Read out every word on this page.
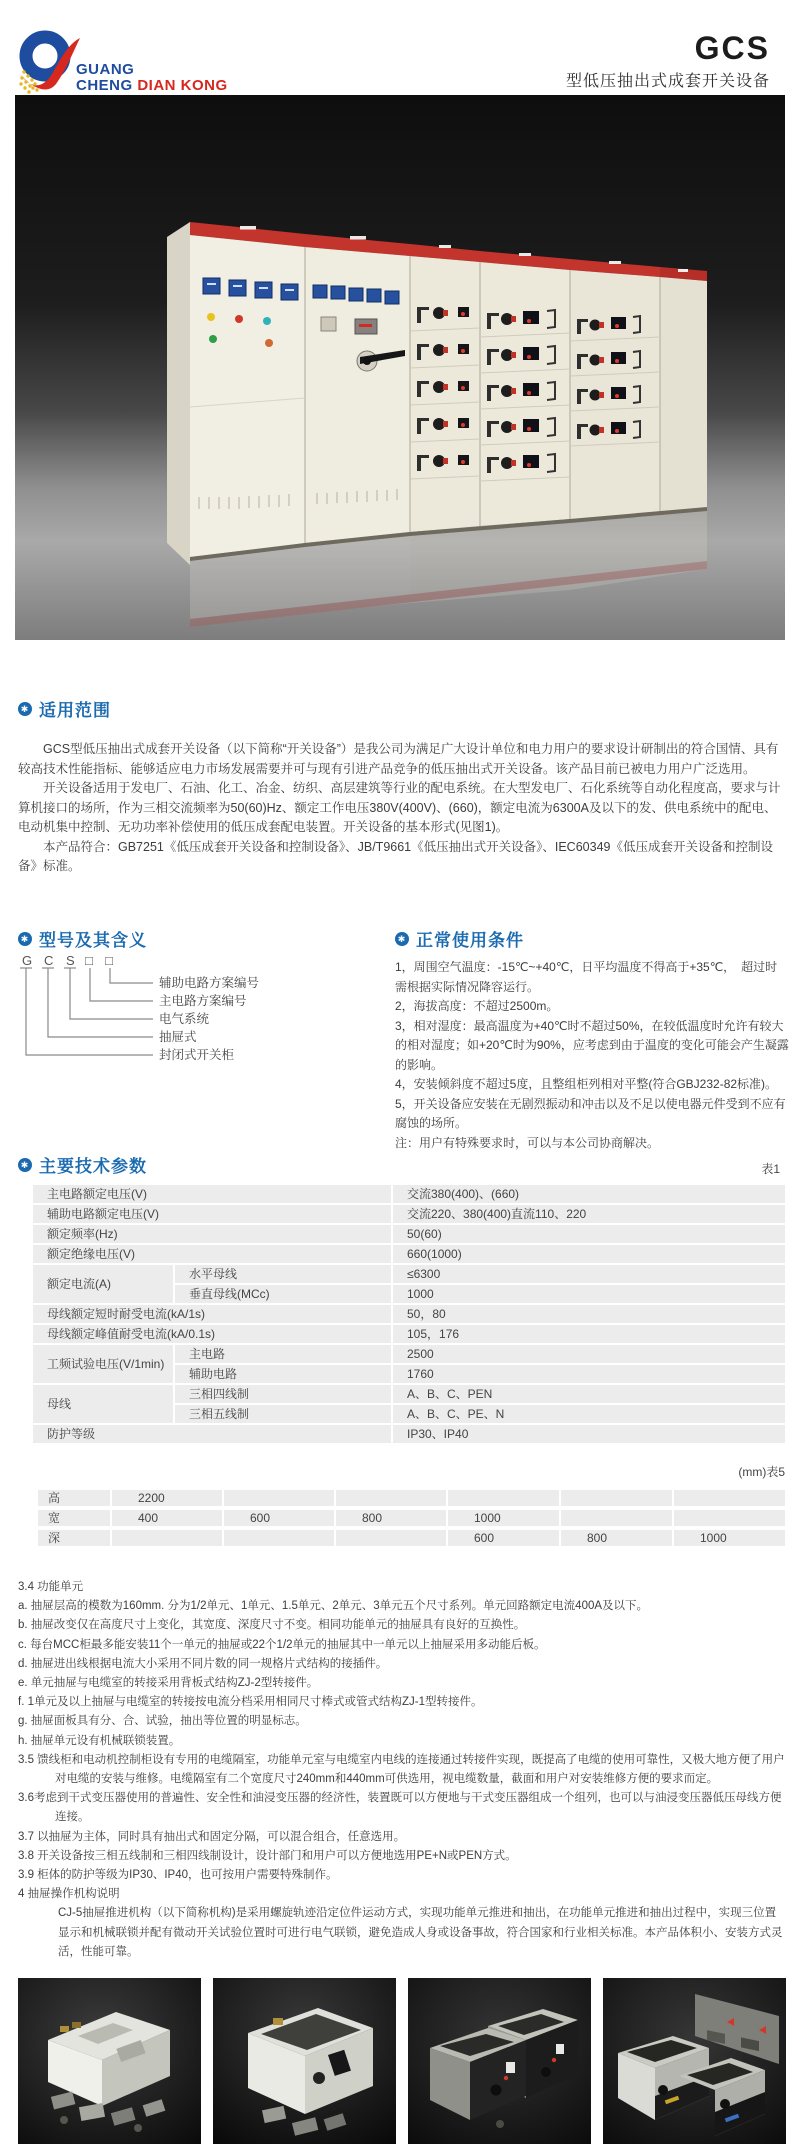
GUANG
CHENG DIAN KONG
GCS
型低压抽出式成套开关设备
✱ 适用范围

GCS型低压抽出式成套开关设备（以下简称“开关设备”）是我公司为满足广大设计单位和电力用户的要求设计研制出的符合国情、具有较高技术性能指标、能够适应电力市场发展需要并可与现有引进产品竞争的低压抽出式开关设备。该产品目前已被电力用户广泛选用。

开关设备适用于发电厂、石油、化工、冶金、纺织、高层建筑等行业的配电系统。在大型发电厂、石化系统等自动化程度高，要求与计算机接口的场所，作为三相交流频率为50(60)Hz、额定工作电压380V(400V)、(660)，额定电流为6300A及以下的发、供电系统中的配电、电动机集中控制、无功功率补偿使用的低压成套配电装置。开关设备的基本形式(见图1)。

本产品符合：GB7251《低压成套开关设备和控制设备》、JB/T9661《低压抽出式开关设备》、IEC60349《低压成套开关设备和控制设备》标准。

✱ 型号及其含义
G C S □ □
辅助电路方案编号
主电路方案编号
电气系统
抽屉式
封闭式开关柜
✱ 正常使用条件
1，周围空气温度：-15℃~+40℃，日平均温度不得高于+35℃，　超过时需根据实际情况降容运行。
2，海拔高度：不超过2500m。
3，相对湿度：最高温度为+40℃时不超过50%，在较低温度时允许有较大的相对湿度；如+20℃时为90%，应考虑到由于温度的变化可能会产生凝露的影响。
4，安装倾斜度不超过5度，且整组柜列相对平整(符合GBJ232-82标准)。
5，开关设备应安装在无剧烈振动和冲击以及不足以使电器元件受到不应有腐蚀的场所。
注：用户有特殊要求时，可以与本公司协商解决。
✱ 主要技术参数	表1
主电路额定电压(V)		交流380(400)、(660)
辅助电路额定电压(V)		交流220、380(400)直流110、220
额定频率(Hz)		50(60)
额定绝缘电压(V)		660(1000)
额定电流(A)	水平母线	≤6300
	垂直母线(MCc)	1000
母线额定短时耐受电流(kA/1s)		50，80
母线额定峰值耐受电流(kA/0.1s)		105，176
工频试验电压(V/1min)	主电路	2500
	辅助电路	1760
母线	三相四线制	A、B、C、PEN
	三相五线制	A、B、C、PE、N
防护等级		IP30、IP40
(mm)表5
高	2200					
宽	400	600	800	1000		
深				600	800	1000
3.4 功能单元
a. 抽屉层高的模数为160mm. 分为1/2单元、1单元、1.5单元、2单元、3单元五个尺寸系列。单元回路额定电流400A及以下。
b. 抽屉改变仅在高度尺寸上变化，其宽度、深度尺寸不变。相同功能单元的抽屉具有良好的互换性。
c. 每台MCC柜最多能安装11个一单元的抽屉或22个1/2单元的抽屉其中一单元以上抽屉采用多动能后板。
d. 抽屉进出线根据电流大小采用不同片数的同一规格片式结构的接插件。
e. 单元抽屉与电缆室的转接采用背板式结构ZJ-2型转接件。
f. 1单元及以上抽屉与电缆室的转接按电流分档采用相同尺寸棒式或管式结构ZJ-1型转接件。
g. 抽屉面板具有分、合、试验，抽出等位置的明显标志。
h. 抽屉单元设有机械联锁装置。
3.5 馈线柜和电动机控制柜设有专用的电缆隔室，功能单元室与电缆室内电线的连接通过转接件实现，既提高了电缆的使用可靠性，又极大地方便了用户对电缆的安装与维修。电缆隔室有二个宽度尺寸240mm和440mm可供选用，视电缆数量，截面和用户对安装维修方便的要求而定。
3.6考虑到干式变压器使用的普遍性、安全性和油浸变压器的经济性，装置既可以方便地与干式变压器组成一个组列，也可以与油浸变压器低压母线方便连接。
3.7 以抽屉为主体，同时具有抽出式和固定分隔，可以混合组合，任意选用。
3.8 开关设备按三相五线制和三相四线制设计，设计部门和用户可以方便地选用PE+N或PEN方式。
3.9 柜体的防护等级为IP30、IP40，也可按用户需要特殊制作。
4 抽屉操作机构说明
CJ-5抽屉推进机构（以下简称机构)是采用螺旋轨迹沿定位件运动方式，实现功能单元推进和抽出，在功能单元推进和抽出过程中，实现三位置显示和机械联锁并配有微动开关试验位置时可进行电气联锁，避免造成人身或设备事故，符合国家和行业相关标准。本产品体积小、安装方式灵活，性能可靠。
